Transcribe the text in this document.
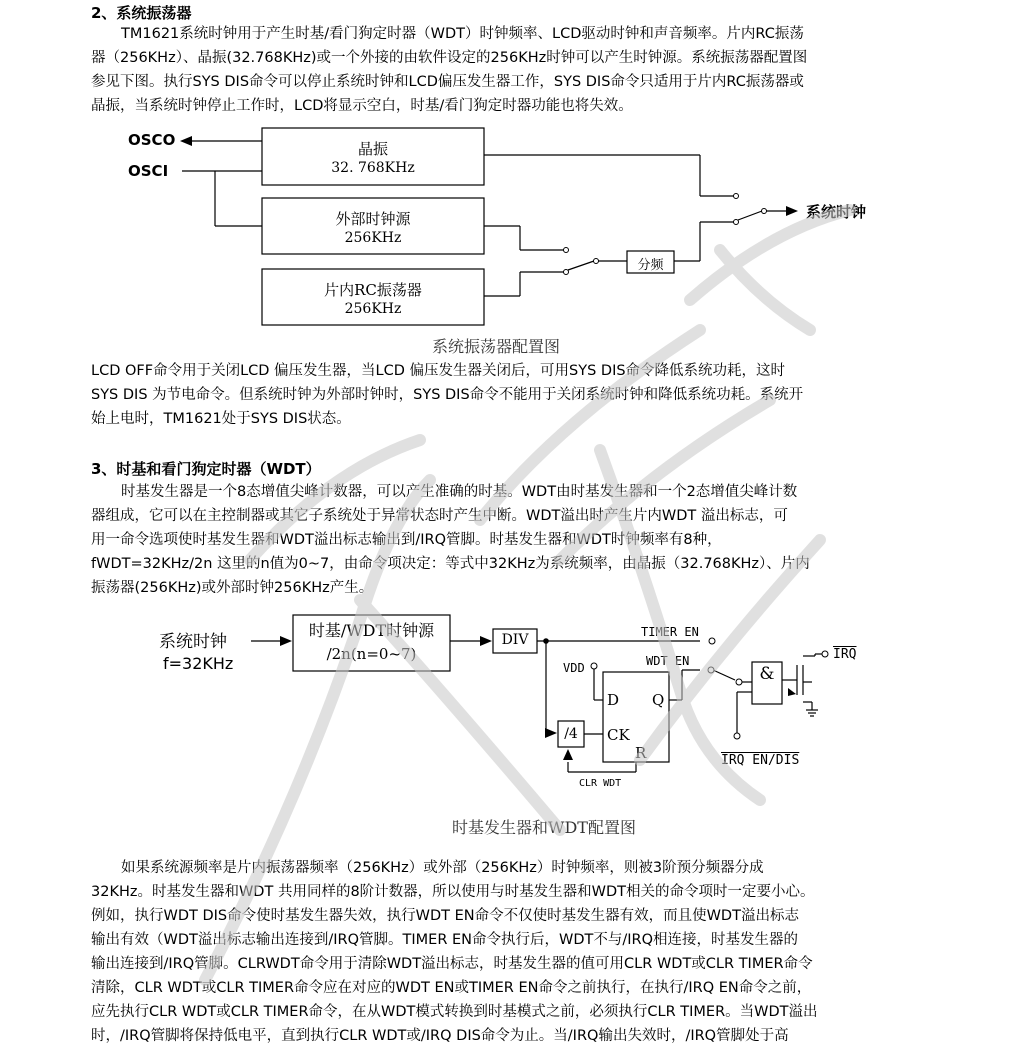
2、系统振荡器
TM1621系统时钟用于产生时基/看门狗定时器（WDT）时钟频率、LCD驱动时钟和声音频率。片内RC振荡
器（256KHz）、晶振(32.768KHz)或一个外接的由软件设定的256KHz时钟可以产生时钟源。系统振荡器配置图
参见下图。执行SYS DIS命令可以停止系统时钟和LCD偏压发生器工作，SYS DIS命令只适用于片内RC振荡器或
晶振，当系统时钟停止工作时，LCD将显示空白，时基/看门狗定时器功能也将失效。
OSCO
OSCI
晶振
32. 768KHz
外部时钟源
256KHz
片内RC振荡器
256KHz
分频
系统时钟
系统振荡器配置图
LCD OFF命令用于关闭LCD 偏压发生器，当LCD 偏压发生器关闭后，可用SYS DIS命令降低系统功耗，这时
SYS DIS 为节电命令。但系统时钟为外部时钟时，SYS DIS命令不能用于关闭系统时钟和降低系统功耗。系统开
始上电时，TM1621处于SYS DIS状态。
3、时基和看门狗定时器（WDT）
时基发生器是一个8态增值尖峰计数器，可以产生准确的时基。WDT由时基发生器和一个2态增值尖峰计数
器组成，它可以在主控制器或其它子系统处于异常状态时产生中断。WDT溢出时产生片内WDT 溢出标志，可
用一命令选项使时基发生器和WDT溢出标志输出到/IRQ管脚。时基发生器和WDT时钟频率有8种，
fWDT=32KHz/2n 这里的n值为0~7，由命令项决定：等式中32KHz为系统频率，由晶振（32.768KHz）、片内
振荡器(256KHz)或外部时钟256KHz产生。
系统时钟
f=32KHz
时基/WDT时钟源
/2n(n=0~7)
DIV	TIMER EN
WDT EN
VDD
D Q
CK
R
/4
CLR WDT
&
$\overline{IRQ}$
IRQ EN/DIS
时基发生器和WDT配置图
如果系统源频率是片内振荡器频率（256KHz）或外部（256KHz）时钟频率，则被3阶预分频器分成
32KHz。时基发生器和WDT 共用同样的8阶计数器，所以使用与时基发生器和WDT相关的命令项时一定要小心。
例如，执行WDT DIS命令使时基发生器失效，执行WDT EN命令不仅使时基发生器有效，而且使WDT溢出标志
输出有效（WDT溢出标志输出连接到/IRQ管脚。TIMER EN命令执行后，WDT不与/IRQ相连接，时基发生器的
输出连接到/IRQ管脚。CLRWDT命令用于清除WDT溢出标志，时基发生器的值可用CLR WDT或CLR TIMER命令
清除，CLR WDT或CLR TIMER命令应在对应的WDT EN或TIMER EN命令之前执行，在执行/IRQ EN命令之前，
应先执行CLR WDT或CLR TIMER命令，在从WDT模式转换到时基模式之前，必须执行CLR TIMER。当WDT溢出
时，/IRQ管脚将保持低电平，直到执行CLR WDT或/IRQ DIS命令为止。当/IRQ输出失效时，/IRQ管脚处于高
